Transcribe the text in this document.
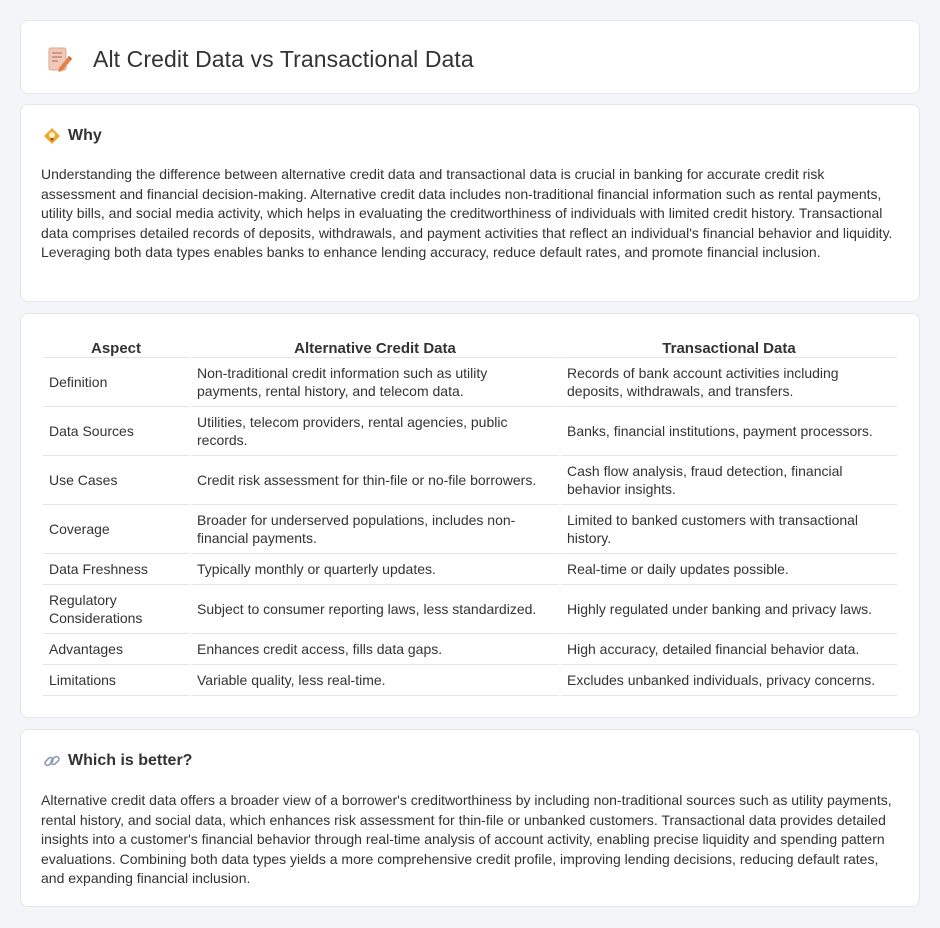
Alt Credit Data vs Transactional Data
Why

Understanding the difference between alternative credit data and transactional data is crucial in banking for accurate credit risk assessment and financial decision-making. Alternative credit data includes non-traditional financial information such as rental payments, utility bills, and social media activity, which helps in evaluating the creditworthiness of individuals with limited credit history. Transactional data comprises detailed records of deposits, withdrawals, and payment activities that reflect an individual's financial behavior and liquidity. Leveraging both data types enables banks to enhance lending accuracy, reduce default rates, and promote financial inclusion.

Aspect	Alternative Credit Data	Transactional Data
Definition	Non-traditional credit information such as utility payments, rental history, and telecom data.	Records of bank account activities including deposits, withdrawals, and transfers.
Data Sources	Utilities, telecom providers, rental agencies, public records.	Banks, financial institutions, payment processors.
Use Cases	Credit risk assessment for thin-file or no-file borrowers.	Cash flow analysis, fraud detection, financial behavior insights.
Coverage	Broader for underserved populations, includes non-financial payments.	Limited to banked customers with transactional history.
Data Freshness	Typically monthly or quarterly updates.	Real-time or daily updates possible.
Regulatory Considerations	Subject to consumer reporting laws, less standardized.	Highly regulated under banking and privacy laws.
Advantages	Enhances credit access, fills data gaps.	High accuracy, detailed financial behavior data.
Limitations	Variable quality, less real-time.	Excludes unbanked individuals, privacy concerns.
Which is better?

Alternative credit data offers a broader view of a borrower's creditworthiness by including non-traditional sources such as utility payments, rental history, and social data, which enhances risk assessment for thin-file or unbanked customers. Transactional data provides detailed insights into a customer's financial behavior through real-time analysis of account activity, enabling precise liquidity and spending pattern evaluations. Combining both data types yields a more comprehensive credit profile, improving lending decisions, reducing default rates, and expanding financial inclusion.
